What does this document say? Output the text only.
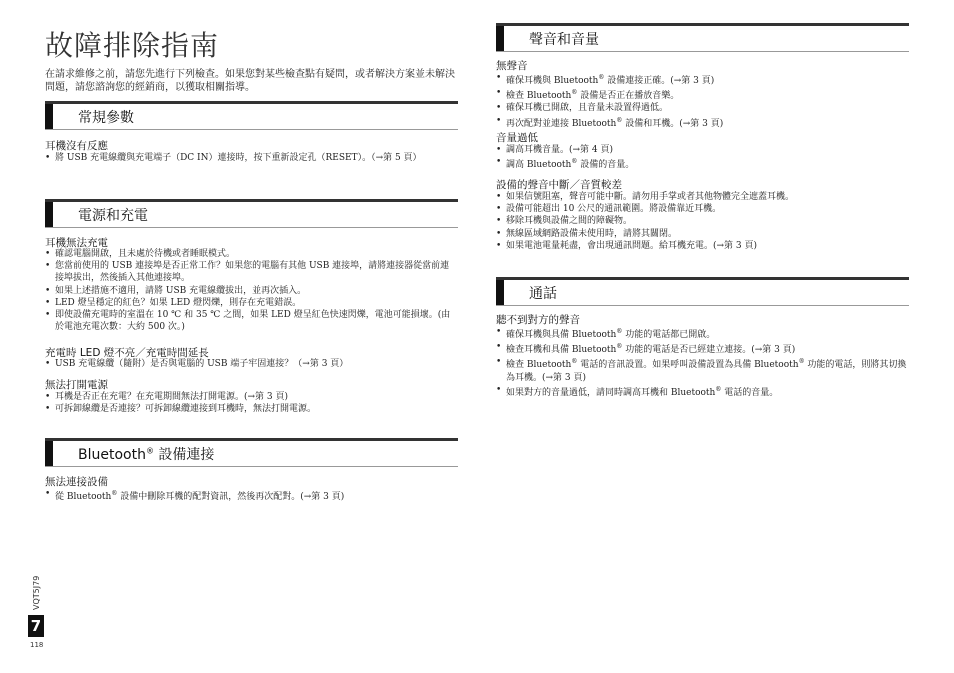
故障排除指南
在請求維修之前，請您先進行下列檢查。如果您對某些檢查點有疑問，或者解決方案並未解決問題，請您諮詢您的經銷商，以獲取相關指導。
常規參數
耳機沒有反應
• 將 USB 充電線纜與充電端子（DC IN）連接時，按下重新設定孔（RESET）。（→第 5 頁）
電源和充電
耳機無法充電
• 確認電腦開啟，且未處於待機或者睡眠模式。
• 您當前使用的 USB 連接埠是否正常工作？如果您的電腦有其他 USB 連接埠，請將連接器從當前連接埠拔出，然後插入其他連接埠。
• 如果上述措施不適用，請將 USB 充電線纜拔出，並再次插入。
• LED 燈呈穩定的紅色？如果 LED 燈閃爍，則存在充電錯誤。
• 即使設備充電時的室溫在 10 ℃ 和 35 ℃ 之間，如果 LED 燈呈紅色快速閃爍，電池可能損壞。(由於電池充電次數：大約 500 次。)
充電時 LED 燈不亮／充電時間延長
• USB 充電線纜（隨附）是否與電腦的 USB 端子牢固連接？（→第 3 頁）
無法打開電源
• 耳機是否正在充電？在充電期間無法打開電源。(→第 3 頁)
• 可拆卸線纜是否連接？可拆卸線纜連接到耳機時，無法打開電源。
Bluetooth® 設備連接
無法連接設備
• 從 Bluetooth® 設備中刪除耳機的配對資訊，然後再次配對。(→第 3 頁)
聲音和音量
無聲音
• 確保耳機與 Bluetooth® 設備連接正確。(→第 3 頁)
• 檢查 Bluetooth® 設備是否正在播放音樂。
• 確保耳機已開啟，且音量未設置得過低。
• 再次配對並連接 Bluetooth® 設備和耳機。(→第 3 頁)
音量過低
• 調高耳機音量。(→第 4 頁)
• 調高 Bluetooth® 設備的音量。
設備的聲音中斷／音質較差
• 如果信號阻塞，聲音可能中斷。請勿用手掌或者其他物體完全遮蓋耳機。
• 設備可能超出 10 公尺的通訊範圍。將設備靠近耳機。
• 移除耳機與設備之間的障礙物。
• 無線區域網路設備未使用時，請將其關閉。
• 如果電池電量耗盡，會出現通訊問題。給耳機充電。(→第 3 頁)
通話
聽不到對方的聲音
• 確保耳機與具備 Bluetooth® 功能的電話都已開啟。
• 檢查耳機和具備 Bluetooth® 功能的電話是否已經建立連接。(→第 3 頁)
• 檢查 Bluetooth® 電話的音訊設置。如果呼叫設備設置為具備 Bluetooth® 功能的電話，則將其切換為耳機。(→第 3 頁)
• 如果對方的音量過低，請同時調高耳機和 Bluetooth® 電話的音量。
VQT5J79
7
118
